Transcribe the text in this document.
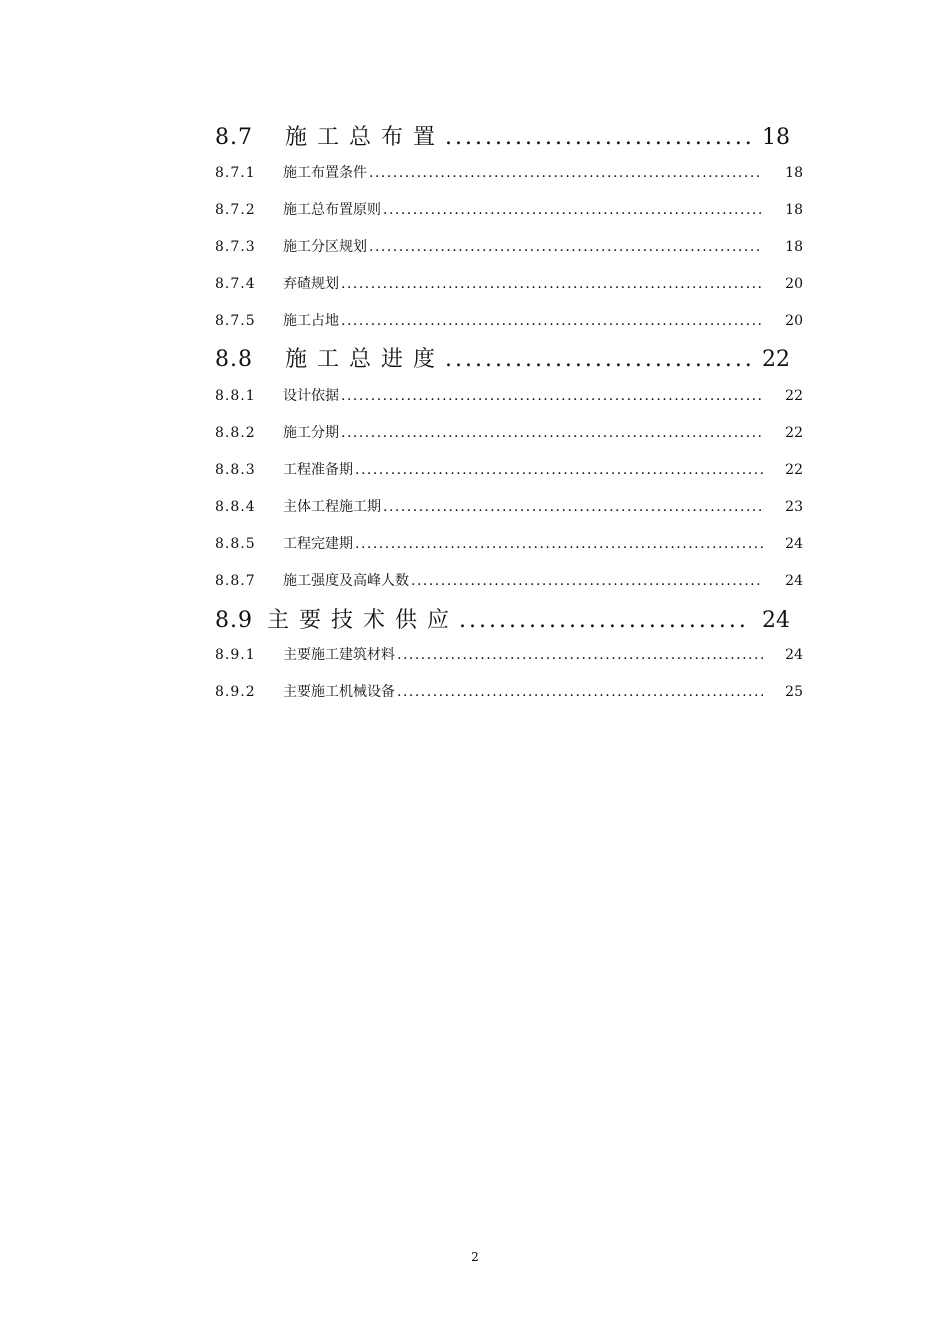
8.7	施工总布置 .....	18
8.7.1	施工布置条件 .....	18
8.7.2	施工总布置原则 .....	18
8.7.3	施工分区规划 .....	18
8.7.4	弃碴规划 .....	20
8.7.5	施工占地 .....	20
8.8	施工总进度 .....	22
8.8.1	设计依据 .....	22
8.8.2	施工分期 .....	22
8.8.3	工程准备期 .....	22
8.8.4	主体工程施工期 .....	23
8.8.5	工程完建期 .....	24
8.8.7	施工强度及高峰人数 .....	24
8.9 主要技术供应 .....	24
8.9.1	主要施工建筑材料 .....	24
8.9.2	主要施工机械设备 .....	25
2
